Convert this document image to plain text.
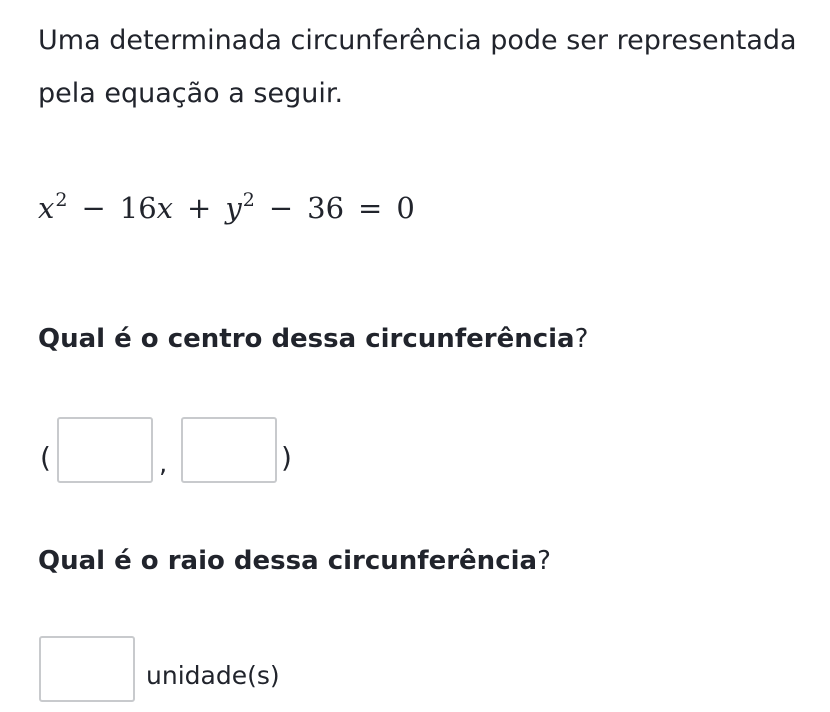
Uma determinada circunferência pode ser representada
pela equação a seguir.
$x^2 - 16x + y^2 - 36 = 0$

Qual é o centro dessa circunferência?

(	,	)

Qual é o raio dessa circunferência?

unidade(s)
